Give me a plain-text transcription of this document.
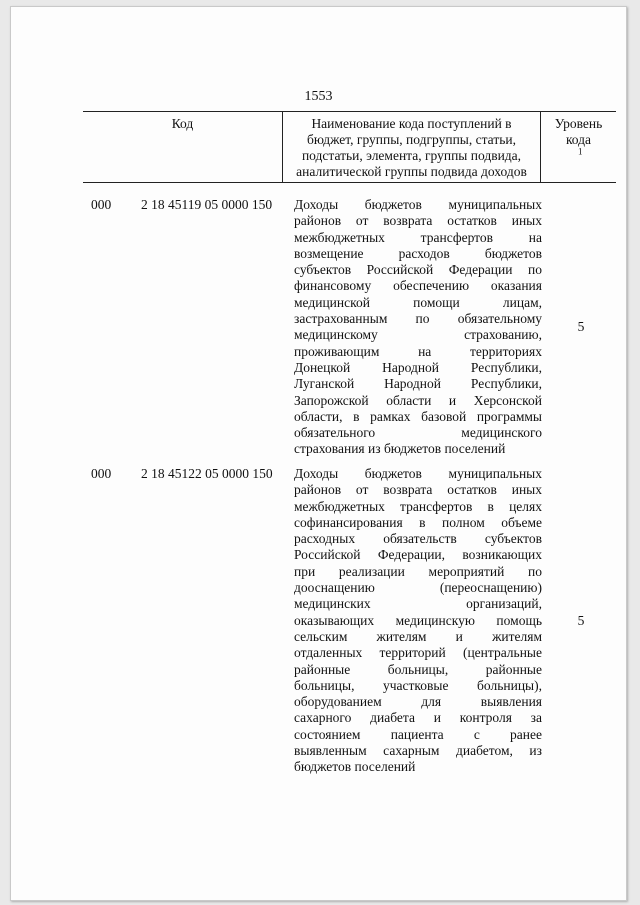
1553
Код	Наименование кода поступлений в
бюджет, группы, подгруппы, статьи,
подстатьи, элемента, группы подвида,
аналитической группы подвида доходов
Уровень
кода
$^1$
000 2 18 45119 05 0000 150 Доходы бюджетов муниципальных
районов от возврата остатков иных
межбюджетных трансфертов на
возмещение расходов бюджетов
субъектов Российской Федерации по
финансовому обеспечению оказания
медицинской помощи лицам,
застрахованным по обязательному
медицинскому страхованию,
проживающим на территориях
Донецкой Народной Республики,
Луганской Народной Республики,
Запорожской области и Херсонской
области, в рамках базовой программы
обязательного медицинского
страхования из бюджетов поселений
5
000 2 18 45122 05 0000 150 Доходы бюджетов муниципальных
районов от возврата остатков иных
межбюджетных трансфертов в целях
софинансирования в полном объеме
расходных обязательств субъектов
Российской Федерации, возникающих
при реализации мероприятий по
дооснащению (переоснащению)
медицинских организаций,
оказывающих медицинскую помощь
сельским жителям и жителям
отдаленных территорий (центральные
районные больницы, районные
больницы, участковые больницы),
оборудованием для выявления
сахарного диабета и контроля за
состоянием пациента с ранее
выявленным сахарным диабетом, из
бюджетов поселений
5
